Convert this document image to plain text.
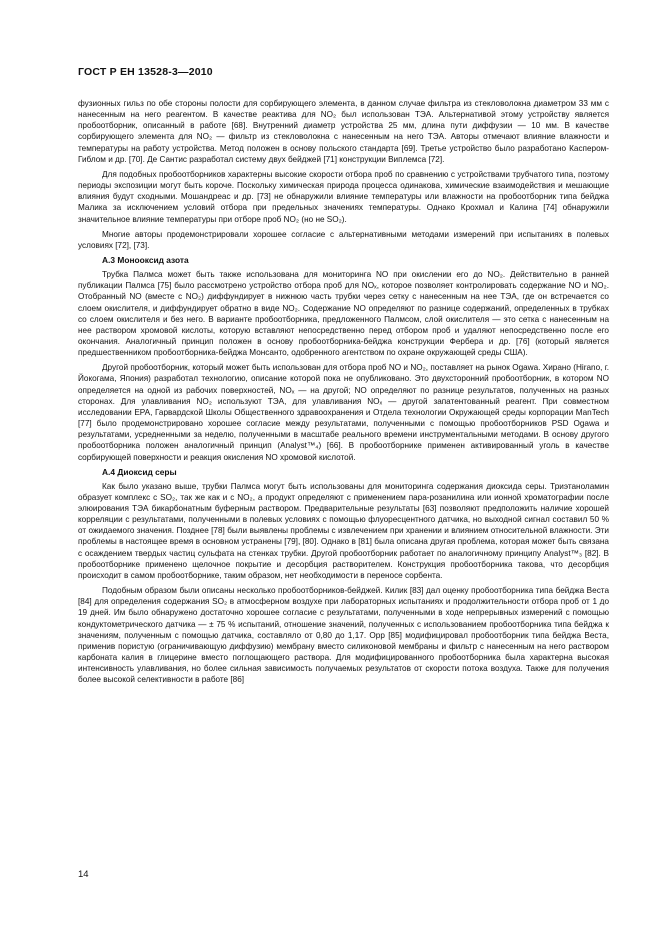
ГОСТ Р ЕН 13528-3—2010
фузионных гильз по обе стороны полости для сорбирующего элемента, в данном случае фильтра из стекловолокна диаметром 33 мм с нанесенным на него реагентом. В качестве реактива для NO₂ был использован ТЭА. Альтернативой этому устройству является пробоотборник, описанный в работе [68]. Внутренний диаметр устройства 25 мм, длина пути диффузии — 10 мм. В качестве сорбирующего элемента для NO₂ — фильтр из стекловолокна с нанесенным на него ТЭА. Авторы отмечают влияние влажности и температуры на работу устройства. Метод положен в основу польского стандарта [69]. Третье устройство было разработано Каспером-Гиблом и др. [70]. Де Сантис разработал систему двух бейджей [71] конструкции Виплемса [72].
Для подобных пробоотборников характерны высокие скорости отбора проб по сравнению с устройствами трубчатого типа, поэтому периоды экспозиции могут быть короче. Поскольку химическая природа процесса одинакова, химические взаимодействия и мешающие влияния будут сходными. Мошандреас и др. [73] не обнаружили влияние температуры или влажности на пробоотборник типа бейджа Малика за исключением условий отбора при предельных значениях температуры. Однако Крохмал и Калина [74] обнаружили значительное влияние температуры при отборе проб NO₂ (но не SO₂).
Многие авторы продемонстрировали хорошее согласие с альтернативными методами измерений при испытаниях в полевых условиях [72], [73].
А.3 Монооксид азота
Трубка Палмса может быть также использована для мониторинга NO при окислении его до NO₂. Действительно в ранней публикации Палмса [75] было рассмотрено устройство отбора проб для NOₓ, которое позволяет контролировать содержание NO и NO₂. Отобранный NO (вместе с NO₂) диффундирует в нижнюю часть трубки через сетку с нанесенным на нее ТЭА, где он встречается со слоем окислителя, и диффундирует обратно в виде NO₂. Содержание NO определяют по разнице содержаний, определенных в трубках со слоем окислителя и без него. В варианте пробоотборника, предложенного Палмсом, слой окислителя — это сетка с нанесенным на нее раствором хромовой кислоты, которую вставляют непосредственно перед отбором проб и удаляют непосредственно после его окончания. Аналогичный принцип положен в основу пробоотборника-бейджа конструкции Фербера и др. [76] (который является предшественником пробоотборника-бейджа Монсанто, одобренного агентством по охране окружающей среды США).
Другой пробоотборник, который может быть использован для отбора проб NO и NO₂, поставляет на рынок Ogawa. Хирано (Hirano, г. Йокогама, Япония) разработал технологию, описание которой пока не опубликовано. Это двухсторонний пробоотборник, в котором NO определяется на одной из рабочих поверхностей, NOₓ — на другой; NO определяют по разнице результатов, полученных на разных сторонах. Для улавливания NO₂ используют ТЭА, для улавливания NOₓ — другой запатентованный реагент. При совместном исследовании EPA, Гарвардской Школы Общественного здравоохранения и Отдела технологии Окружающей среды корпорации ManTech [77] было продемонстрировано хорошее согласие между результатами, полученными с помощью пробоотборников PSD Ogawa и результатами, усредненными за неделю, полученными в масштабе реального времени инструментальными методами. В основу другого пробоотборника положен аналогичный принцип (Analyst™₄) [66]. В пробоотборнике применен активированный уголь в качестве сорбирующей поверхности и реакция окисления NO хромовой кислотой.
А.4 Диоксид серы
Как было указано выше, трубки Палмса могут быть использованы для мониторинга содержания диоксида серы. Триэтаноламин образует комплекс с SO₂, так же как и с NO₂, а продукт определяют с применением пара-розанилина или ионной хроматографии после элюирования ТЭА бикарбонатным буферным раствором. Предварительные результаты [63] позволяют предположить наличие хорошей корреляции с результатами, полученными в полевых условиях с помощью флуоресцентного датчика, но выходной сигнал составил 50 % от ожидаемого значения. Позднее [78] были выявлены проблемы с извлечением при хранении и влиянием относительной влажности. Эти проблемы в настоящее время в основном устранены [79], [80]. Однако в [81] была описана другая проблема, которая может быть связана с осаждением твердых частиц сульфата на стенках трубки. Другой пробоотборник работает по аналогичному принципу Analyst™₃ [82]. В пробоотборнике применено щелочное покрытие и десорбция растворителем. Конструкция пробоотборника такова, что десорбция происходит в самом пробоотборнике, таким образом, нет необходимости в переносе сорбента.
Подобным образом были описаны несколько пробоотборников-бейджей. Килик [83] дал оценку пробоотборника типа бейджа Веста [84] для определения содержания SO₂ в атмосферном воздухе при лабораторных испытаниях и продолжительности отбора проб от 1 до 19 дней. Им было обнаружено достаточно хорошее согласие с результатами, полученными в ходе непрерывных измерений с помощью кондуктометрического датчика — ± 75 % испытаний, отношение значений, полученных с использованием пробоотборника типа бейджа к значениям, полученным с помощью датчика, составляло от 0,80 до 1,17. Орр [85] модифицировал пробоотборник типа бейджа Веста, применив пористую (ограничивающую диффузию) мембрану вместо силиконовой мембраны и фильтр с нанесенным на него раствором карбоната калия в глицерине вместо поглощающего раствора. Для модифицированного пробоотборника была характерна высокая интенсивность улавливания, но более сильная зависимость получаемых результатов от скорости потока воздуха. Также для получения более высокой селективности в работе [86]
14
